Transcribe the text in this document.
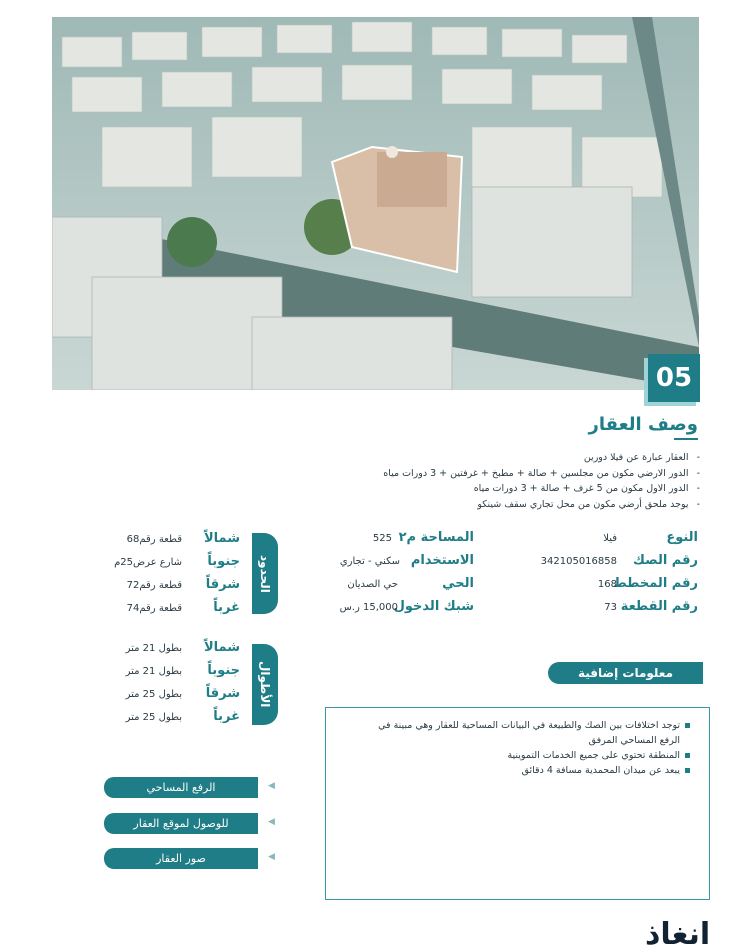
05
وصف العقار
- العقار عبارة عن فيلا دورين
- الدور الارضي مكون من مجلسين + صالة + مطبخ + غرفتين + 3 دورات مياه
- الدور الاول مكون من 5 غرف + صالة + 3 دورات مياه
- يوجد ملحق أرضي مكون من محل تجاري سقف شينكو
النوع
فيلا
رقم الصك
342105016858
رقم المخطط
168
رقم القطعة
73
المساحة م٢
525
الاستخدام
سكني - تجاري
الحي
حي الصديان
شبك الدخول
15,000 ر.س
الحدود
شمالاً
قطعة رقم68
جنوباً
شارع عرض25م
شرقاً
قطعة رقم72
غرباً
قطعة رقم74
الأطوال
شمالاً
بطول 21 متر
جنوباً
بطول 21 متر
شرقاً
بطول 25 متر
غرباً
بطول 25 متر
معلومات إضافية
توجد اختلافات بين الصك والطبيعة في البيانات المساحية للعقار وهي مبينة في الرفع المساحي المرفق
المنطقة تحتوي على جميع الخدمات التموينية
يبعد عن ميدان المحمدية مسافة 4 دقائق
الرفع المساحي	◀
للوصول لموقع العقار	◀
صور العقار	◀
انغاذ
